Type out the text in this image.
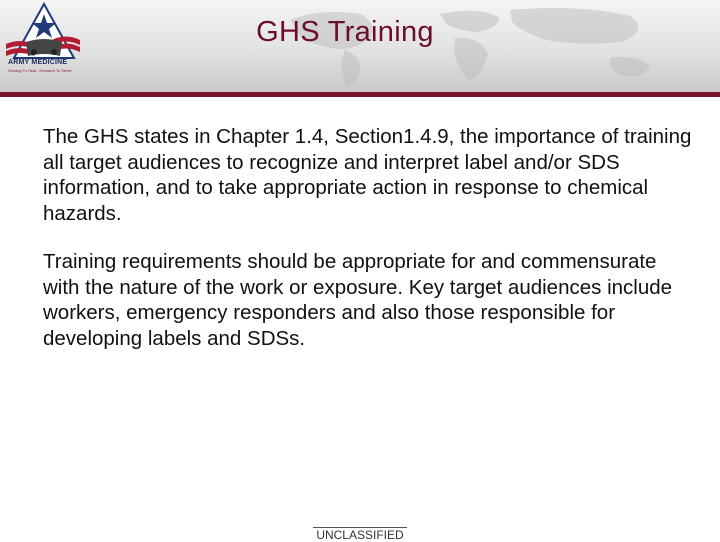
ARMY MEDICINE
Serving To Heal...Honored To Serve
GHS Training

The GHS states in Chapter 1.4, Section1.4.9, the importance of training all target audiences to recognize and interpret label and/or SDS information, and to take appropriate action in response to chemical hazards.

Training requirements should be appropriate for and commensurate with the nature of the work or exposure. Key target audiences include workers, emergency responders and also those responsible for developing labels and SDSs.

UNCLASSIFIED
